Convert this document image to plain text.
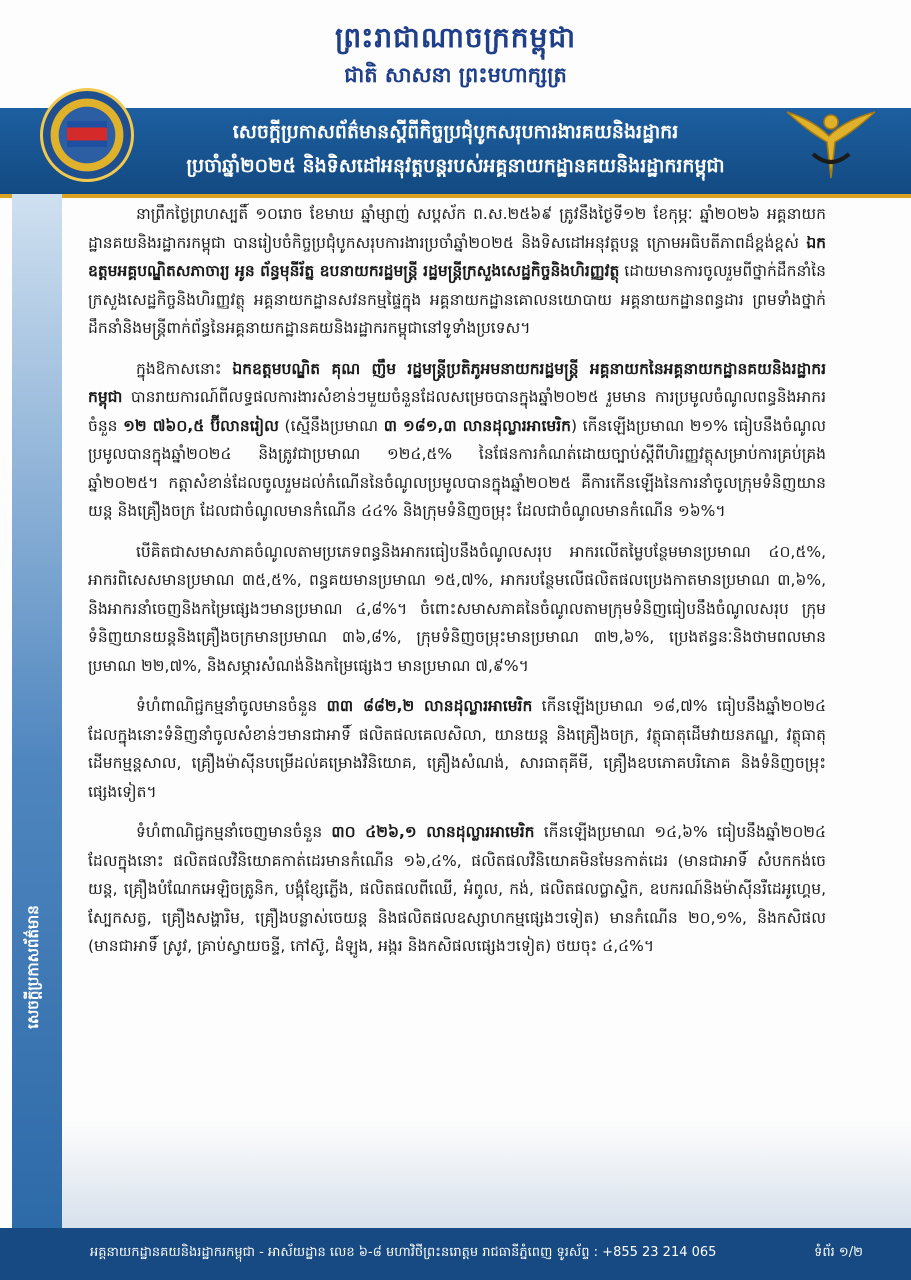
ព្រះរាជាណាចក្រកម្ពុជា
ជាតិ សាសនា ព្រះមហាក្សត្រ
សេចក្តីប្រកាសព័ត៌មានស្តីពីកិច្ចប្រជុំបូកសរុបការងារគយនិងរដ្ឋាករ
ប្រចាំឆ្នាំ២០២៥ និងទិសដៅអនុវត្តបន្តរបស់អគ្គនាយកដ្ឋានគយនិងរដ្ឋាករកម្ពុជា
សេចក្តីប្រកាសព័ត៌មាន

នាព្រឹកថ្ងៃព្រហស្បតិ៍ ១០រោច ខែមាឃ ឆ្នាំម្សាញ់ សប្តស័ក ព.ស.២៥៦៩ ត្រូវនឹងថ្ងៃទី១២ ខែកុម្ភៈ ឆ្នាំ២០២៦ អគ្គនាយកដ្ឋានគយនិងរដ្ឋាករកម្ពុជា បានរៀបចំកិច្ចប្រជុំបូកសរុបការងារប្រចាំឆ្នាំ២០២៥ និងទិសដៅអនុវត្តបន្ត ក្រោមអធិបតីភាពដ៏ខ្ពង់ខ្ពស់ ឯកឧត្តមអគ្គបណ្ឌិតសភាចារ្យ អូន ព័ន្ធមុនីរ័ត្ន ឧបនាយករដ្ឋមន្ត្រី រដ្ឋមន្ត្រីក្រសួងសេដ្ឋកិច្ចនិងហិរញ្ញវត្ថុ ដោយមានការចូលរួមពីថ្នាក់ដឹកនាំនៃក្រសួងសេដ្ឋកិច្ចនិងហិរញ្ញវត្ថុ អគ្គនាយកដ្ឋានសវនកម្មផ្ទៃក្នុង អគ្គនាយកដ្ឋានគោលនយោបាយ អគ្គនាយកដ្ឋានពន្ធដារ ព្រមទាំងថ្នាក់ដឹកនាំនិងមន្ត្រីពាក់ព័ន្ធនៃអគ្គនាយកដ្ឋានគយនិងរដ្ឋាករកម្ពុជានៅទូទាំងប្រទេស។

ក្នុងឱកាសនោះ ឯកឧត្តមបណ្ឌិត គុណ ញឹម រដ្ឋមន្ត្រីប្រតិភូអមនាយករដ្ឋមន្ត្រី អគ្គនាយកនៃអគ្គនាយកដ្ឋានគយនិងរដ្ឋាករកម្ពុជា បានរាយការណ៍ពីលទ្ធផលការងារសំខាន់ៗមួយចំនួនដែលសម្រេចបានក្នុងឆ្នាំ២០២៥ រួមមាន ការប្រមូលចំណូលពន្ធនិងអាករចំនួន ១២ ៧៦០,៥ ប៊ីលានរៀល (ស្មើនឹងប្រមាណ ៣ ១៨១,៣ លានដុល្លារអាមេរិក) កើនឡើងប្រមាណ ២១% ធៀបនឹងចំណូលប្រមូលបានក្នុងឆ្នាំ២០២៤ និងត្រូវជាប្រមាណ ១២៤,៥% នៃផែនការកំណត់ដោយច្បាប់ស្តីពីហិរញ្ញវត្ថុសម្រាប់ការគ្រប់គ្រងឆ្នាំ២០២៥។ កត្តាសំខាន់ដែលចូលរួមដល់កំណើននៃចំណូលប្រមូលបានក្នុងឆ្នាំ២០២៥ គឺការកើនឡើងនៃការនាំចូលក្រុមទំនិញយានយន្ត និងគ្រឿងចក្រ ដែលជាចំណូលមានកំណើន ៤៤% និងក្រុមទំនិញចម្រុះ ដែលជាចំណូលមានកំណើន ១៦%។

បើគិតជាសមាសភាគចំណូលតាមប្រភេទពន្ធនិងអាករធៀបនឹងចំណូលសរុប អាករលើតម្លៃបន្ថែមមានប្រមាណ ៤០,៥%, អាករពិសេសមានប្រមាណ ៣៥,៥%, ពន្ធគយមានប្រមាណ ១៥,៧%, អាករបន្ថែមលើផលិតផលប្រេងកាតមានប្រមាណ ៣,៦%, និងអាករនាំចេញនិងកម្រៃផ្សេងៗមានប្រមាណ ៤,៨%។ ចំពោះសមាសភាគនៃចំណូលតាមក្រុមទំនិញធៀបនឹងចំណូលសរុប ក្រុមទំនិញយានយន្តនិងគ្រឿងចក្រមានប្រមាណ ៣៦,៨%, ក្រុមទំនិញចម្រុះមានប្រមាណ ៣២,៦%, ប្រេងឥន្ធនៈនិងថាមពលមានប្រមាណ ២២,៧%, និងសម្ភារសំណង់និងកម្រៃផ្សេងៗ មានប្រមាណ ៧,៩%។

ទំហំពាណិជ្ជកម្មនាំចូលមានចំនួន ៣៣ ៨៨២,២ លានដុល្លារអាមេរិក កើនឡើងប្រមាណ ១៨,៧% ធៀបនឹងឆ្នាំ២០២៤ ដែលក្នុងនោះទំនិញនាំចូលសំខាន់ៗមានជាអាទិ៍ ផលិតផលគេលសិលា, យានយន្ត និងគ្រឿងចក្រ, វត្ថុធាតុដើមវាយនភណ្ឌ, វត្ថុធាតុដើមកម្មន្តសាល, គ្រឿងម៉ាស៊ីនបម្រើដល់គម្រោងវិនិយោគ, គ្រឿងសំណង់, សារធាតុគីមី, គ្រឿងឧបភោគបរិភោគ និងទំនិញចម្រុះផ្សេងទៀត។

ទំហំពាណិជ្ជកម្មនាំចេញមានចំនួន ៣០ ៤២៦,១ លានដុល្លារអាមេរិក កើនឡើងប្រមាណ ១៤,៦% ធៀបនឹងឆ្នាំ២០២៤ ដែលក្នុងនោះ ផលិតផលវិនិយោគកាត់ដេរមានកំណើន ១៦,៤%, ផលិតផលវិនិយោគមិនមែនកាត់ដេរ (មានជាអាទិ៍ សំបកកង់ចេយន្ត, គ្រឿងបំណែកអេឡិចត្រូនិក, បង្គុំខ្សែភ្លើង, ផលិតផលពីឈើ, អំពូល, កង់, ផលិតផលប្លាស្ទិក, ឧបករណ៍និងម៉ាស៊ីនរឺដេអូហ្គេម, ស្បែកសត្វ, គ្រឿងសង្ហារិម, គ្រឿងបន្លាស់ចេយន្ត និងផលិតផលឧស្សាហកម្មផ្សេងៗទៀត) មានកំណើន ២០,១%, និងកសិផល (មានជាអាទិ៍ ស្រូវ, គ្រាប់ស្វាយចន្ទី, កៅស៊ូ, ដំឡូង, អង្ករ និងកសិផលផ្សេងៗទៀត) ថយចុះ ៤,៤%។

អគ្គនាយកដ្ឋានគយនិងរដ្ឋាករកម្ពុជា - អាស័យដ្ឋាន លេខ ៦-៨ មហាវិថីព្រះនរោត្តម រាជធានីភ្នំពេញ ទូរស័ព្ទ : +855 23 214 065	ទំព័រ ១/២
